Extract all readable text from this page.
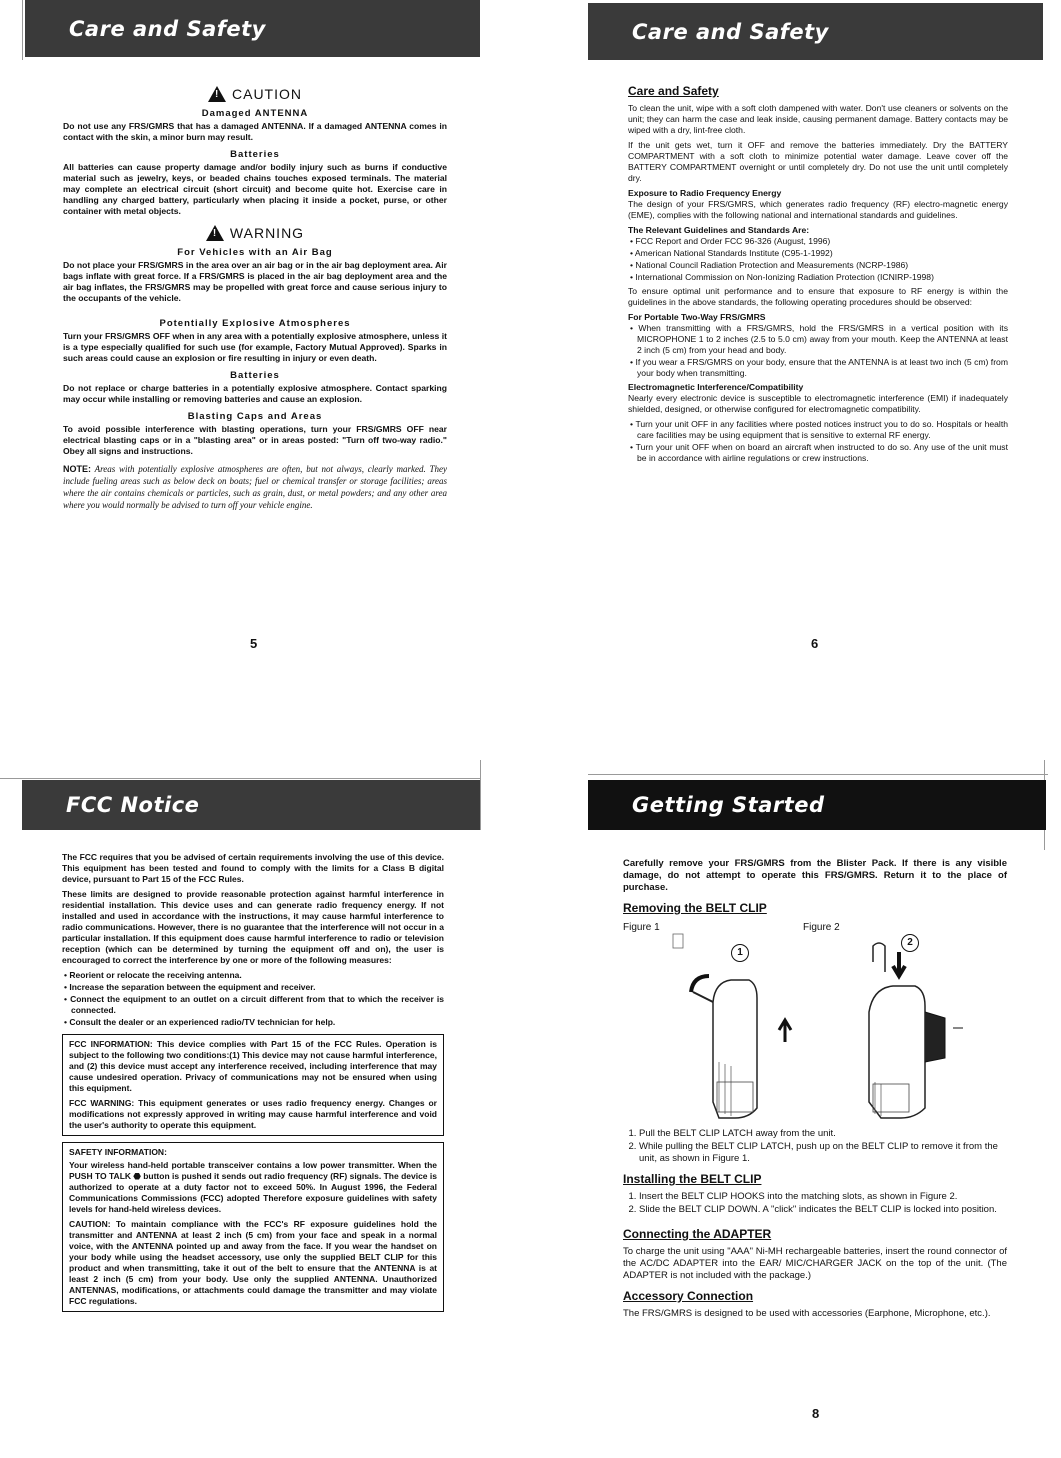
Care and Safety
! CAUTION
Damaged ANTENNA

Do not use any FRS/GMRS that has a damaged ANTENNA. If a damaged ANTENNA comes in contact with the skin, a minor burn may result.

Batteries

All batteries can cause property damage and/or bodily injury such as burns if conductive material such as jewelry, keys, or beaded chains touches exposed terminals. The material may complete an electrical circuit (short circuit) and become quite hot. Exercise care in handling any charged battery, particularly when placing it inside a pocket, purse, or other container with metal objects.

! WARNING
For Vehicles with an Air Bag

Do not place your FRS/GMRS in the area over an air bag or in the air bag deployment area. Air bags inflate with great force. If a FRS/GMRS is placed in the air bag deployment area and the air bag inflates, the FRS/GMRS may be propelled with great force and cause serious injury to the occupants of the vehicle.

Potentially Explosive Atmospheres

Turn your FRS/GMRS OFF when in any area with a potentially explosive atmosphere, unless it is a type especially qualified for such use (for example, Factory Mutual Approved). Sparks in such areas could cause an explosion or fire resulting in injury or even death.

Batteries

Do not replace or charge batteries in a potentially explosive atmosphere. Contact sparking may occur while installing or removing batteries and cause an explosion.

Blasting Caps and Areas

To avoid possible interference with blasting operations, turn your FRS/GMRS OFF near electrical blasting caps or in a "blasting area" or in areas posted: "Turn off two-way radio." Obey all signs and instructions.

NOTE: Areas with potentially explosive atmospheres are often, but not always, clearly marked. They include fueling areas such as below deck on boats; fuel or chemical transfer or storage facilities; areas where the air contains chemicals or particles, such as grain, dust, or metal powders; and any other area where you would normally be advised to turn off your vehicle engine.

5
Care and Safety
Care and Safety

To clean the unit, wipe with a soft cloth dampened with water. Don't use cleaners or solvents on the unit; they can harm the case and leak inside, causing permanent damage. Battery contacts may be wiped with a dry, lint-free cloth.

If the unit gets wet, turn it OFF and remove the batteries immediately. Dry the BATTERY COMPARTMENT with a soft cloth to minimize potential water damage. Leave cover off the BATTERY COMPARTMENT overnight or until completely dry. Do not use the unit until completely dry.

Exposure to Radio Frequency Energy

The design of your FRS/GMRS, which generates radio frequency (RF) electro-magnetic energy (EME), complies with the following national and international standards and guidelines.

The Relevant Guidelines and Standards Are:
• FCC Report and Order FCC 96-326 (August, 1996)
• American National Standards Institute (C95-1-1992)
• National Council Radiation Protection and Measurements (NCRP-1986)
• International Commission on Non-Ionizing Radiation Protection (ICNIRP-1998)

To ensure optimal unit performance and to ensure that exposure to RF energy is within the guidelines in the above standards, the following operating procedures should be observed:

For Portable Two-Way FRS/GMRS
• When transmitting with a FRS/GMRS, hold the FRS/GMRS in a vertical position with its MICROPHONE 1 to 2 inches (2.5 to 5.0 cm) away from your mouth. Keep the ANTENNA at least 2 inch (5 cm) from your head and body.
• If you wear a FRS/GMRS on your body, ensure that the ANTENNA is at least two inch (5 cm) from your body when transmitting.
Electromagnetic Interference/Compatibility

Nearly every electronic device is susceptible to electromagnetic interference (EMI) if inadequately shielded, designed, or otherwise configured for electromagnetic compatibility.

• Turn your unit OFF in any facilities where posted notices instruct you to do so. Hospitals or health care facilities may be using equipment that is sensitive to external RF energy.
• Turn your unit OFF when on board an aircraft when instructed to do so. Any use of the unit must be in accordance with airline regulations or crew instructions.
6
FCC Notice

The FCC requires that you be advised of certain requirements involving the use of this device. This equipment has been tested and found to comply with the limits for a Class B digital device, pursuant to Part 15 of the FCC Rules.

These limits are designed to provide reasonable protection against harmful interference in residential installation. This device uses and can generate radio frequency energy. If not installed and used in accordance with the instructions, it may cause harmful interference to radio communications. However, there is no guarantee that the interference will not occur in a particular installation. If this equipment does cause harmful interference to radio or television reception (which can be determined by turning the equipment off and on), the user is encouraged to correct the interference by one or more of the following measures:

• Reorient or relocate the receiving antenna.
• Increase the separation between the equipment and receiver.
• Connect the equipment to an outlet on a circuit different from that to which the receiver is connected.
• Consult the dealer or an experienced radio/TV technician for help.

FCC INFORMATION: This device complies with Part 15 of the FCC Rules. Operation is subject to the following two conditions:(1) This device may not cause harmful interference, and (2) this device must accept any interference received, including interference that may cause undesired operation. Privacy of communications may not be ensured when using this equipment.

FCC WARNING: This equipment generates or uses radio frequency energy. Changes or modifications not expressly approved in writing may cause harmful interference and void the user's authority to operate this equipment.

SAFETY INFORMATION:

Your wireless hand-held portable transceiver contains a low power transmitter. When the PUSH TO TALK ⬣ button is pushed it sends out radio frequency (RF) signals. The device is authorized to operate at a duty factor not to exceed 50%. In August 1996, the Federal Communications Commissions (FCC) adopted Therefore exposure guidelines with safety levels for hand-held wireless devices.

CAUTION: To maintain compliance with the FCC's RF exposure guidelines hold the transmitter and ANTENNA at least 2 inch (5 cm) from your face and speak in a normal voice, with the ANTENNA pointed up and away from the face. If you wear the handset on your body while using the headset accessory, use only the supplied BELT CLIP for this product and when transmitting, take it out of the belt to ensure that the ANTENNA is at least 2 inch (5 cm) from your body. Use only the supplied ANTENNA. Unauthorized ANTENNAS, modifications, or attachments could damage the transmitter and may violate FCC regulations.

Getting Started

Carefully remove your FRS/GMRS from the Blister Pack. If there is any visible damage, do not attempt to operate this FRS/GMRS. Return it to the place of purchase.

Removing the BELT CLIP
Figure 1	Figure 2
1
2
1. Pull the BELT CLIP LATCH away from the unit.
2. While pulling the BELT CLIP LATCH, push up on the BELT CLIP to remove it from the unit, as shown in Figure 1.
Installing the BELT CLIP
1. Insert the BELT CLIP HOOKS into the matching slots, as shown in Figure 2.
2. Slide the BELT CLIP DOWN. A "click" indicates the BELT CLIP is locked into position.
Connecting the ADAPTER

To charge the unit using "AAA" Ni-MH rechargeable batteries, insert the round connector of the AC/DC ADAPTER into the EAR/ MIC/CHARGER JACK on the top of the unit. (The ADAPTER is not included with the package.)

Accessory Connection

The FRS/GMRS is designed to be used with accessories (Earphone, Microphone, etc.).

8
